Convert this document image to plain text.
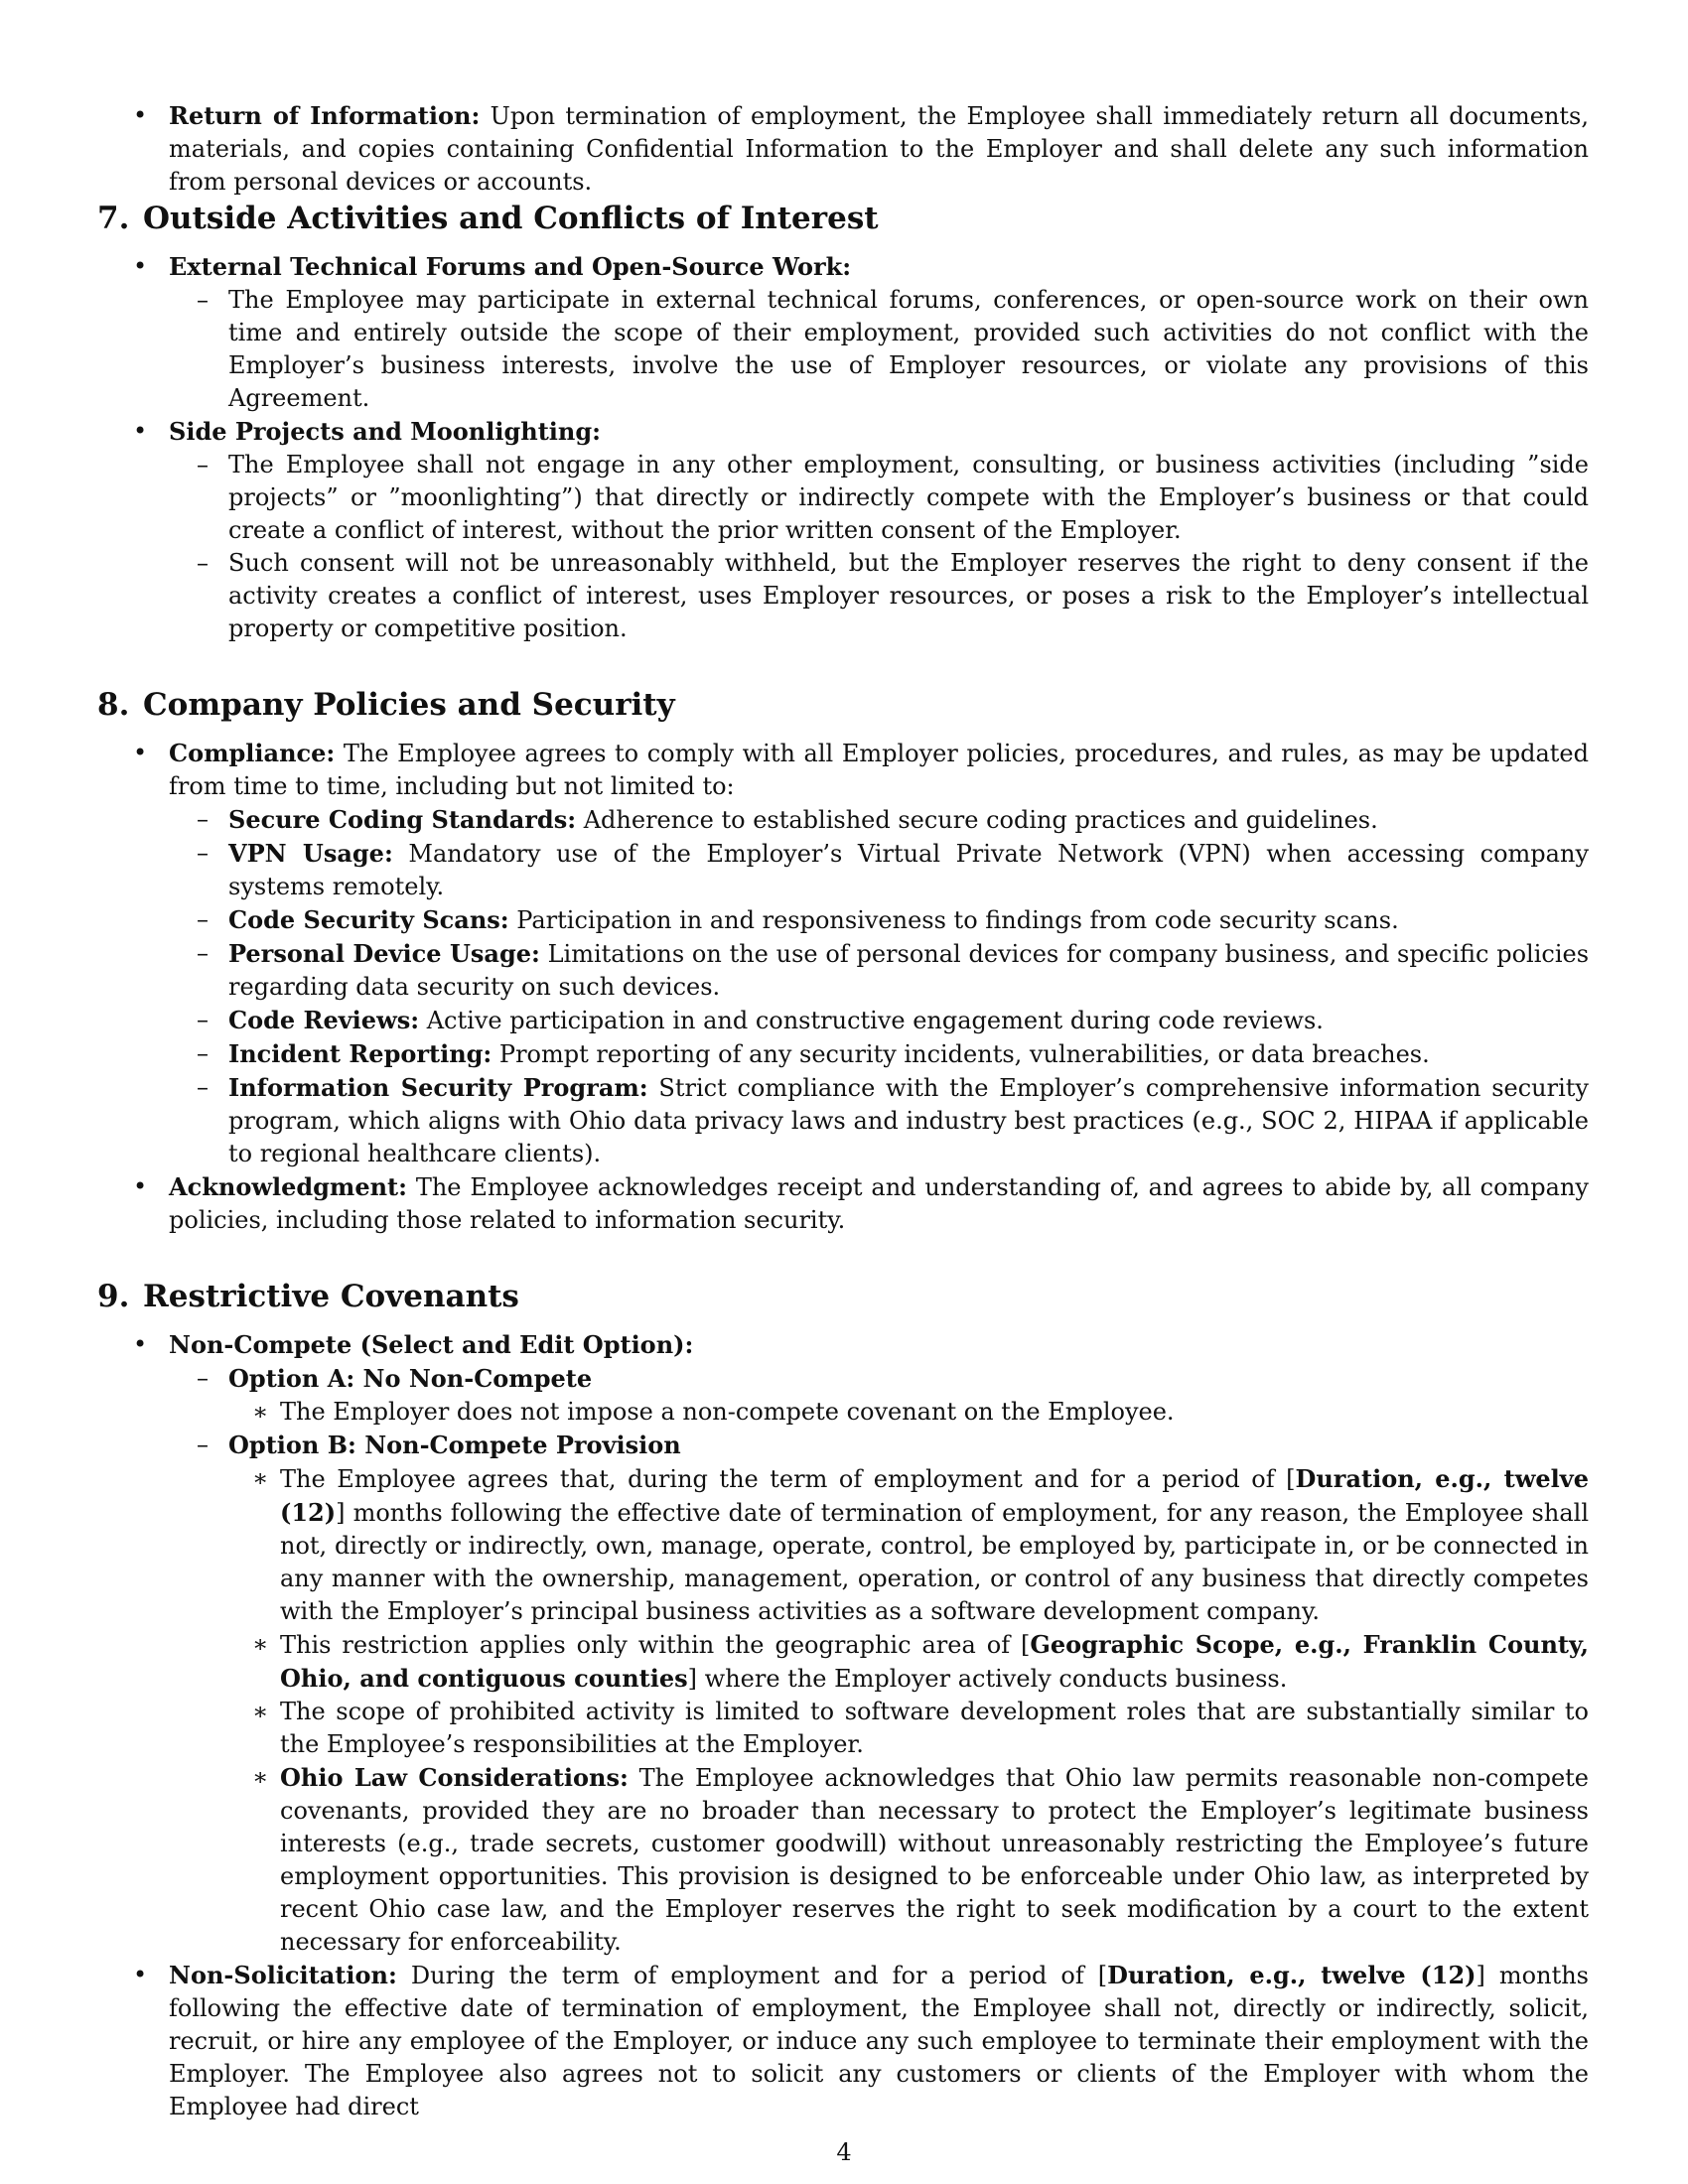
• Return of Information: Upon termination of employment, the Employee shall immediately return all documents, materials, and copies containing Confidential Information to the Employer and shall delete any such information from personal devices or accounts.

7. Outside Activities and Conflicts of Interest

• External Technical Forums and Open-Source Work:

– The Employee may participate in external technical forums, conferences, or open-source work on their own time and entirely outside the scope of their employment, provided such activities do not conflict with the Employer’s business interests, involve the use of Employer resources, or violate any provisions of this Agreement.

• Side Projects and Moonlighting:

– The Employee shall not engage in any other employment, consulting, or business activities (including ”side projects” or ”moonlighting”) that directly or indirectly compete with the Employer’s business or that could create a conflict of interest, without the prior written consent of the Employer.

– Such consent will not be unreasonably withheld, but the Employer reserves the right to deny consent if the activity creates a conflict of interest, uses Employer resources, or poses a risk to the Employer’s intellectual property or competitive position.

8. Company Policies and Security

• Compliance: The Employee agrees to comply with all Employer policies, procedures, and rules, as may be updated from time to time, including but not limited to:

– Secure Coding Standards: Adherence to established secure coding practices and guidelines.

– VPN Usage: Mandatory use of the Employer’s Virtual Private Network (VPN) when accessing company systems remotely.

– Code Security Scans: Participation in and responsiveness to findings from code security scans.

– Personal Device Usage: Limitations on the use of personal devices for company business, and specific policies regarding data security on such devices.

– Code Reviews: Active participation in and constructive engagement during code reviews.

– Incident Reporting: Prompt reporting of any security incidents, vulnerabilities, or data breaches.

– Information Security Program: Strict compliance with the Employer’s comprehensive information security program, which aligns with Ohio data privacy laws and industry best practices (e.g., SOC 2, HIPAA if applicable to regional healthcare clients).

• Acknowledgment: The Employee acknowledges receipt and understanding of, and agrees to abide by, all company policies, including those related to information security.

9. Restrictive Covenants

• Non-Compete (Select and Edit Option):

– Option A: No Non-Compete

∗ The Employer does not impose a non-compete covenant on the Employee.

– Option B: Non-Compete Provision

∗ The Employee agrees that, during the term of employment and for a period of [Duration, e.g., twelve (12)] months following the effective date of termination of employment, for any reason, the Employee shall not, directly or indirectly, own, manage, operate, control, be employed by, participate in, or be connected in any manner with the ownership, management, operation, or control of any business that directly competes with the Employer’s principal business activities as a software development company.

∗ This restriction applies only within the geographic area of [Geographic Scope, e.g., Franklin County, Ohio, and contiguous counties] where the Employer actively conducts business.

∗ The scope of prohibited activity is limited to software development roles that are substantially similar to the Employee’s responsibilities at the Employer.

∗ Ohio Law Considerations: The Employee acknowledges that Ohio law permits reasonable non-compete covenants, provided they are no broader than necessary to protect the Employer’s legitimate business interests (e.g., trade secrets, customer goodwill) without unreasonably restricting the Employee’s future employment opportunities. This provision is designed to be enforceable under Ohio law, as interpreted by recent Ohio case law, and the Employer reserves the right to seek modification by a court to the extent necessary for enforceability.

• Non-Solicitation: During the term of employment and for a period of [Duration, e.g., twelve (12)] months following the effective date of termination of employment, the Employee shall not, directly or indirectly, solicit, recruit, or hire any employee of the Employer, or induce any such employee to terminate their employment with the Employer. The Employee also agrees not to solicit any customers or clients of the Employer with whom the Employee had direct

4
